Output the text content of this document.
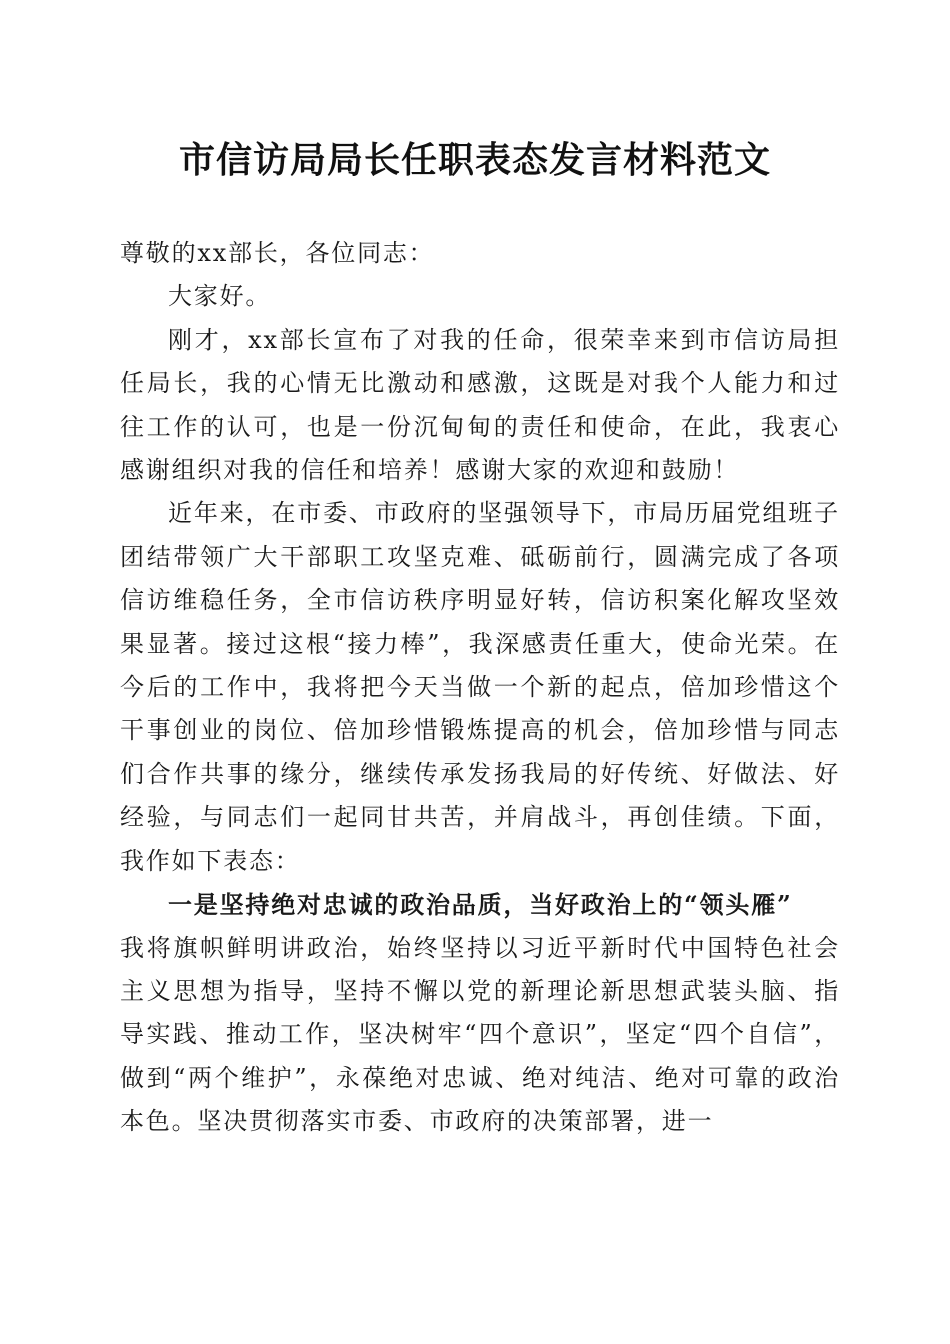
市信访局局长任职表态发言材料范文

尊敬的xx部长，各位同志：

大家好。

刚才，xx部长宣布了对我的任命，很荣幸来到市信访局担任局长，我的心情无比激动和感激，这既是对我个人能力和过往工作的认可，也是一份沉甸甸的责任和使命，在此，我衷心感谢组织对我的信任和培养！感谢大家的欢迎和鼓励！

近年来，在市委、市政府的坚强领导下，市局历届党组班子团结带领广大干部职工攻坚克难、砥砺前行，圆满完成了各项信访维稳任务，全市信访秩序明显好转，信访积案化解攻坚效果显著。接过这根“接力棒”，我深感责任重大，使命光荣。在今后的工作中，我将把今天当做一个新的起点，倍加珍惜这个干事创业的岗位、倍加珍惜锻炼提高的机会，倍加珍惜与同志们合作共事的缘分，继续传承发扬我局的好传统、好做法、好经验，与同志们一起同甘共苦，并肩战斗，再创佳绩。下面，我作如下表态：

一是坚持绝对忠诚的政治品质，当好政治上的“领头雁”

我将旗帜鲜明讲政治，始终坚持以习近平新时代中国特色社会主义思想为指导，坚持不懈以党的新理论新思想武装头脑、指导实践、推动工作，坚决树牢“四个意识”，坚定“四个自信”，做到“两个维护”，永葆绝对忠诚、绝对纯洁、绝对可靠的政治本色。坚决贯彻落实市委、市政府的决策部署，进一
